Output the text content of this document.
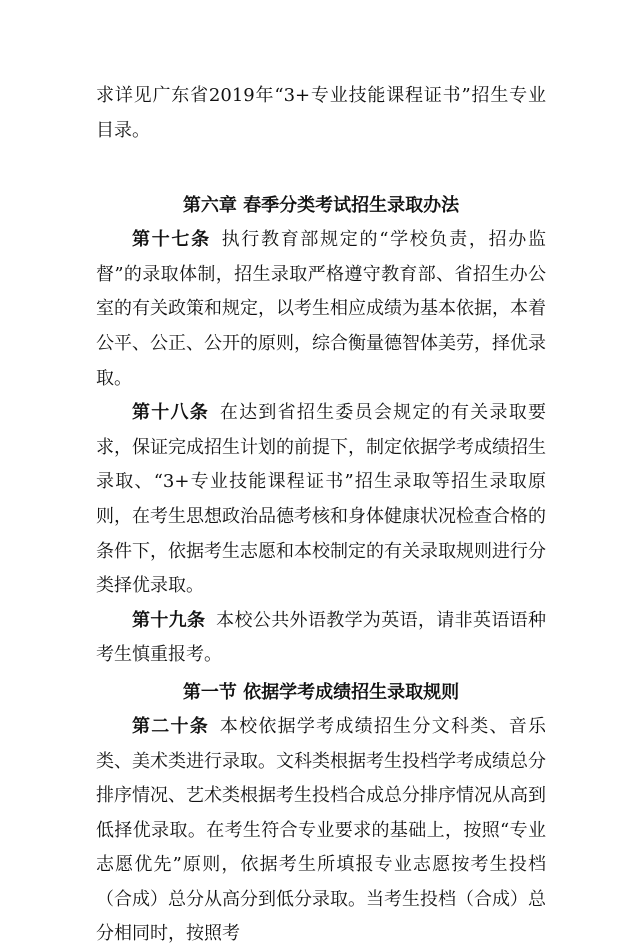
求详见广东省2019年“3+专业技能课程证书”招生专业目录。

第六章 春季分类考试招生录取办法

第十七条 执行教育部规定的“学校负责，招办监督”的录取体制，招生录取严格遵守教育部、省招生办公室的有关政策和规定，以考生相应成绩为基本依据，本着公平、公正、公开的原则，综合衡量德智体美劳，择优录取。

第十八条 在达到省招生委员会规定的有关录取要求，保证完成招生计划的前提下，制定依据学考成绩招生录取、“3+专业技能课程证书”招生录取等招生录取原则，在考生思想政治品德考核和身体健康状况检查合格的条件下，依据考生志愿和本校制定的有关录取规则进行分类择优录取。

第十九条 本校公共外语教学为英语，请非英语语种考生慎重报考。

第一节 依据学考成绩招生录取规则

第二十条 本校依据学考成绩招生分文科类、音乐类、美术类进行录取。文科类根据考生投档学考成绩总分排序情况、艺术类根据考生投档合成总分排序情况从高到低择优录取。在考生符合专业要求的基础上，按照“专业志愿优先”原则，依据考生所填报专业志愿按考生投档（合成）总分从高分到低分录取。当考生投档（合成）总分相同时，按照考
